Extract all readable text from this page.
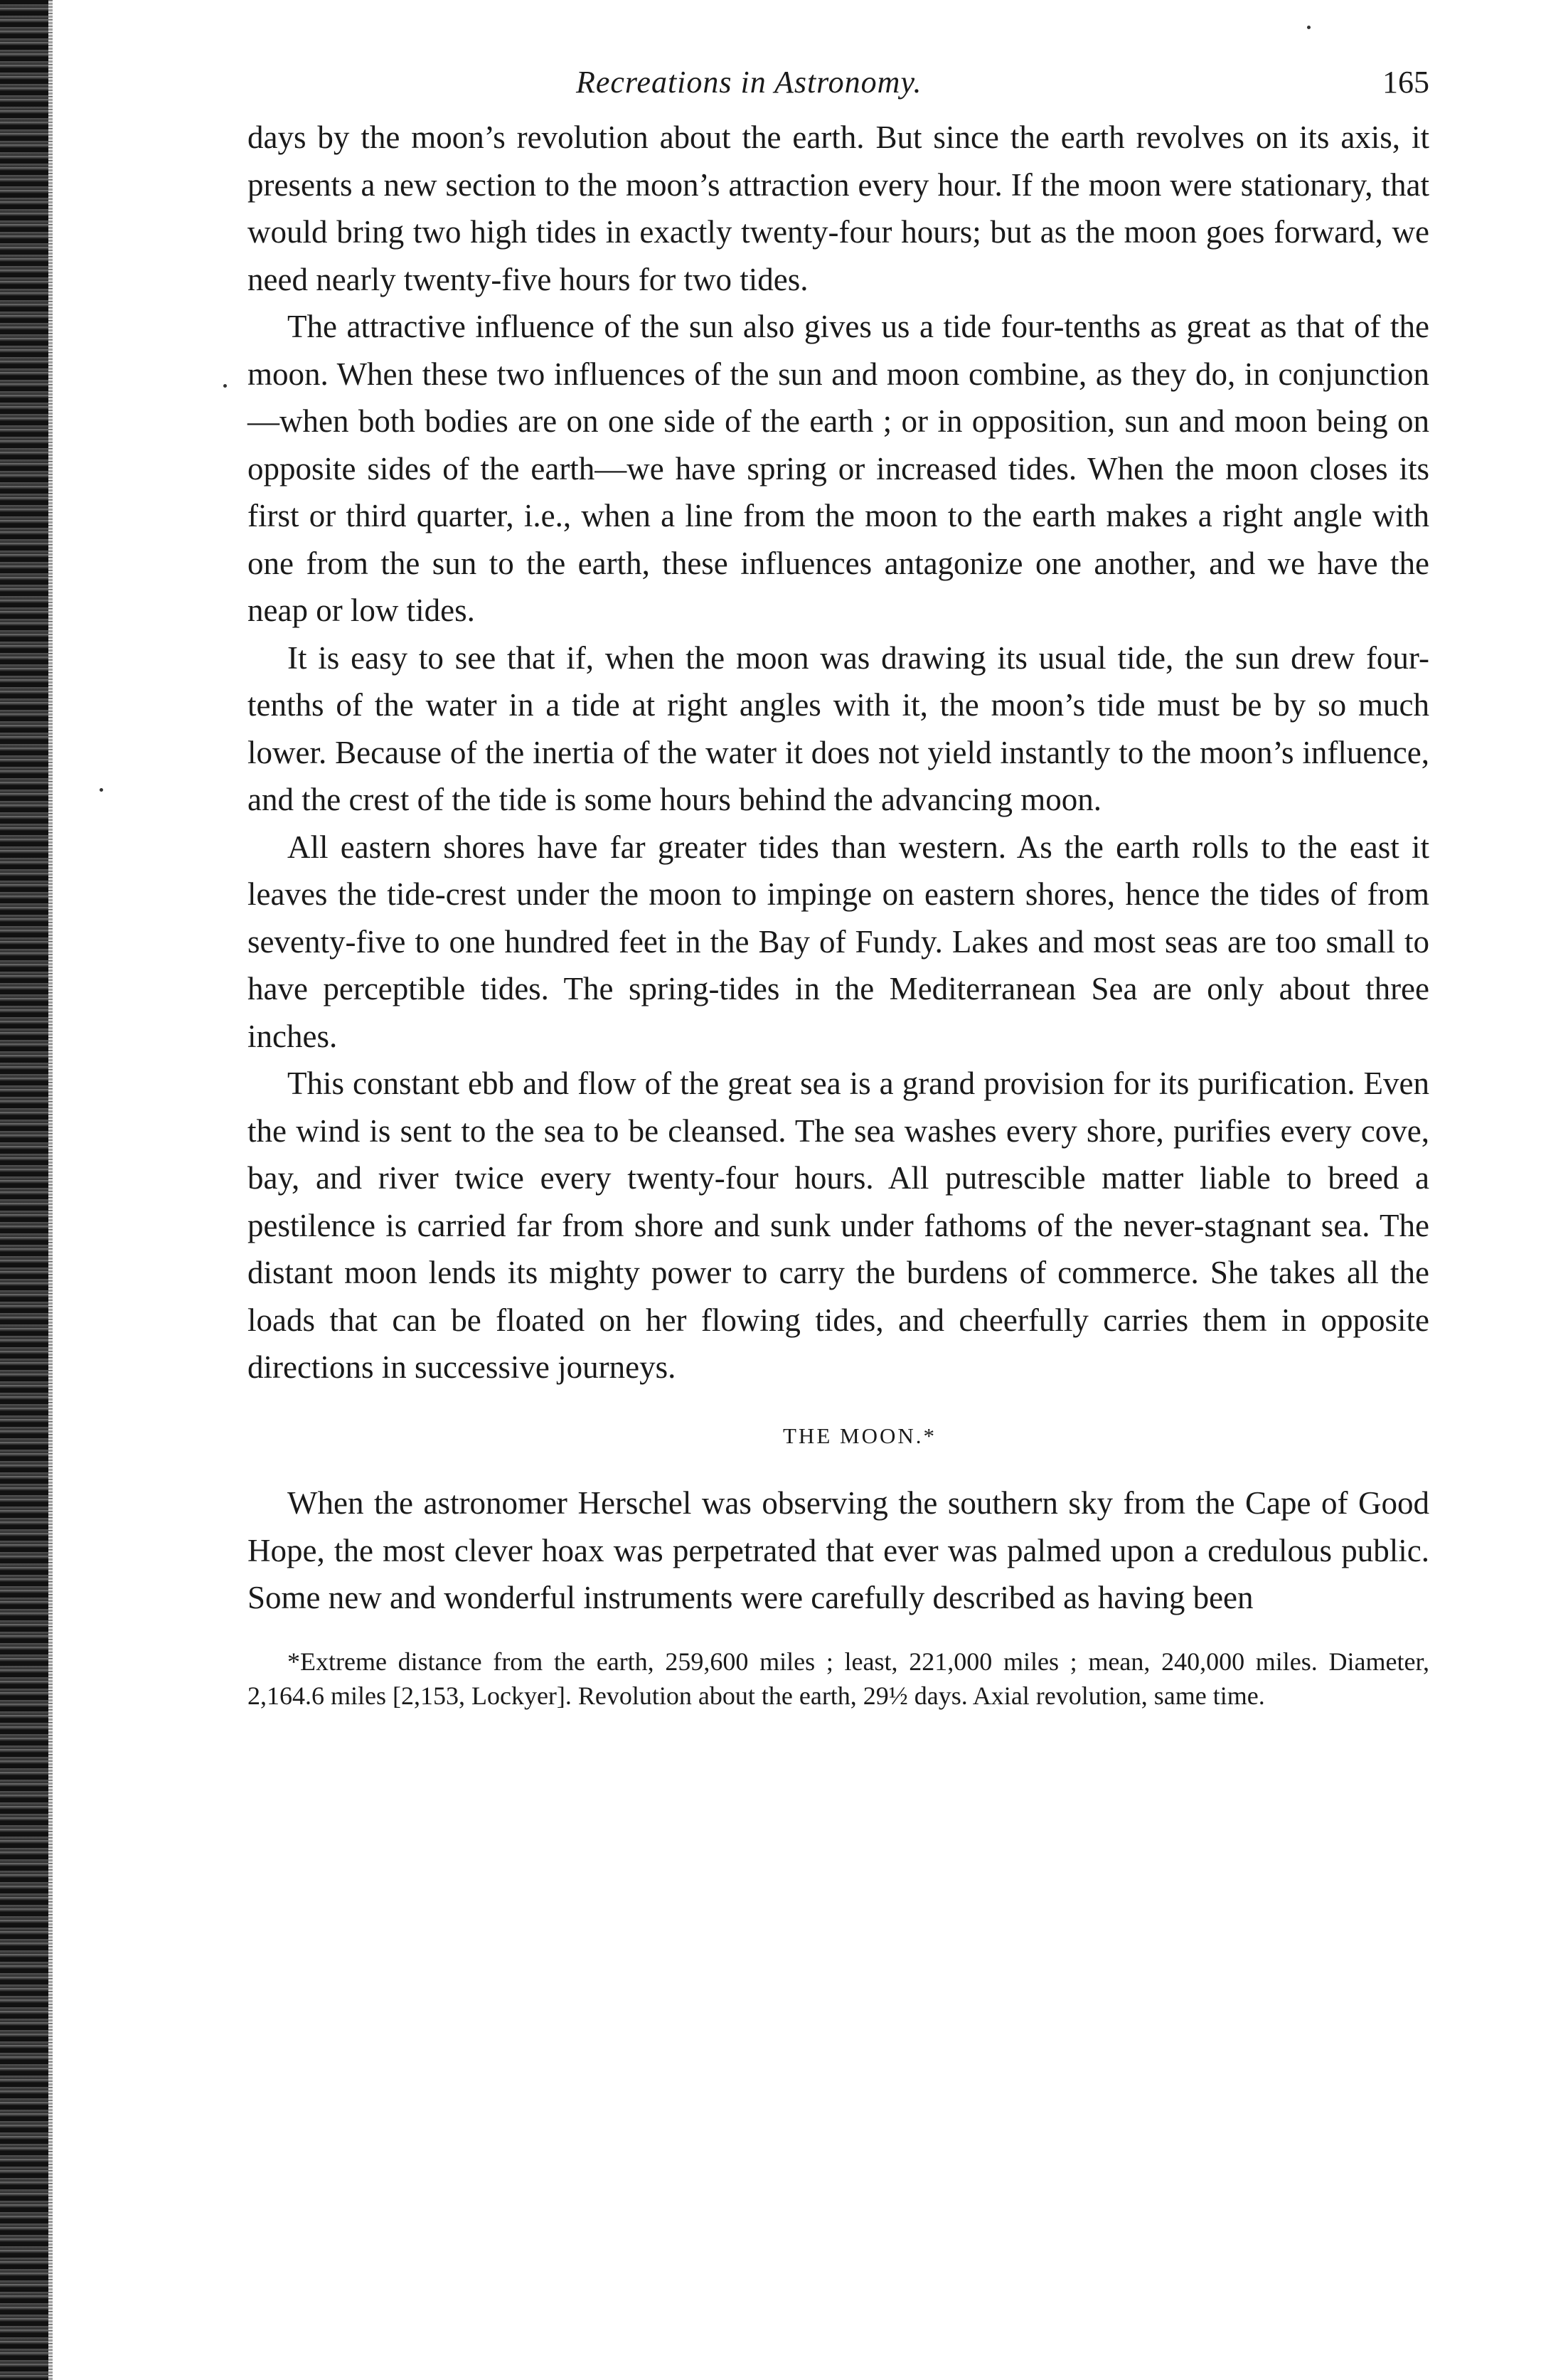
Recreations in Astronomy.	165

days by the moon’s revolution about the earth. But since the earth revolves on its axis, it presents a new section to the moon’s attraction every hour. If the moon were stationary, that would bring two high tides in exactly twenty-four hours; but as the moon goes forward, we need nearly twenty-five hours for two tides.

The attractive influence of the sun also gives us a tide four-tenths as great as that of the moon. When these two influences of the sun and moon combine, as they do, in conjunction—when both bodies are on one side of the earth ; or in opposition, sun and moon being on opposite sides of the earth—we have spring or increased tides. When the moon closes its first or third quarter, i.e., when a line from the moon to the earth makes a right angle with one from the sun to the earth, these influences antagonize one another, and we have the neap or low tides.

It is easy to see that if, when the moon was drawing its usual tide, the sun drew four-tenths of the water in a tide at right angles with it, the moon’s tide must be by so much lower. Because of the inertia of the water it does not yield instantly to the moon’s influence, and the crest of the tide is some hours behind the advancing moon.

All eastern shores have far greater tides than western. As the earth rolls to the east it leaves the tide-crest under the moon to impinge on eastern shores, hence the tides of from seventy-five to one hundred feet in the Bay of Fundy. Lakes and most seas are too small to have perceptible tides. The spring-tides in the Mediterranean Sea are only about three inches.

This constant ebb and flow of the great sea is a grand provision for its purification. Even the wind is sent to the sea to be cleansed. The sea washes every shore, purifies every cove, bay, and river twice every twenty-four hours. All putrescible matter liable to breed a pestilence is carried far from shore and sunk under fathoms of the never-stagnant sea. The distant moon lends its mighty power to carry the burdens of commerce. She takes all the loads that can be floated on her flowing tides, and cheerfully carries them in opposite directions in successive journeys.

THE MOON.*

When the astronomer Herschel was observing the southern sky from the Cape of Good Hope, the most clever hoax was perpetrated that ever was palmed upon a credulous public. Some new and wonderful instruments were carefully described as having been

*Extreme distance from the earth, 259,600 miles ; least, 221,000 miles ; mean, 240,000 miles. Diameter, 2,164.6 miles [2,153, Lockyer]. Revolution about the earth, 29½ days. Axial revolution, same time.
